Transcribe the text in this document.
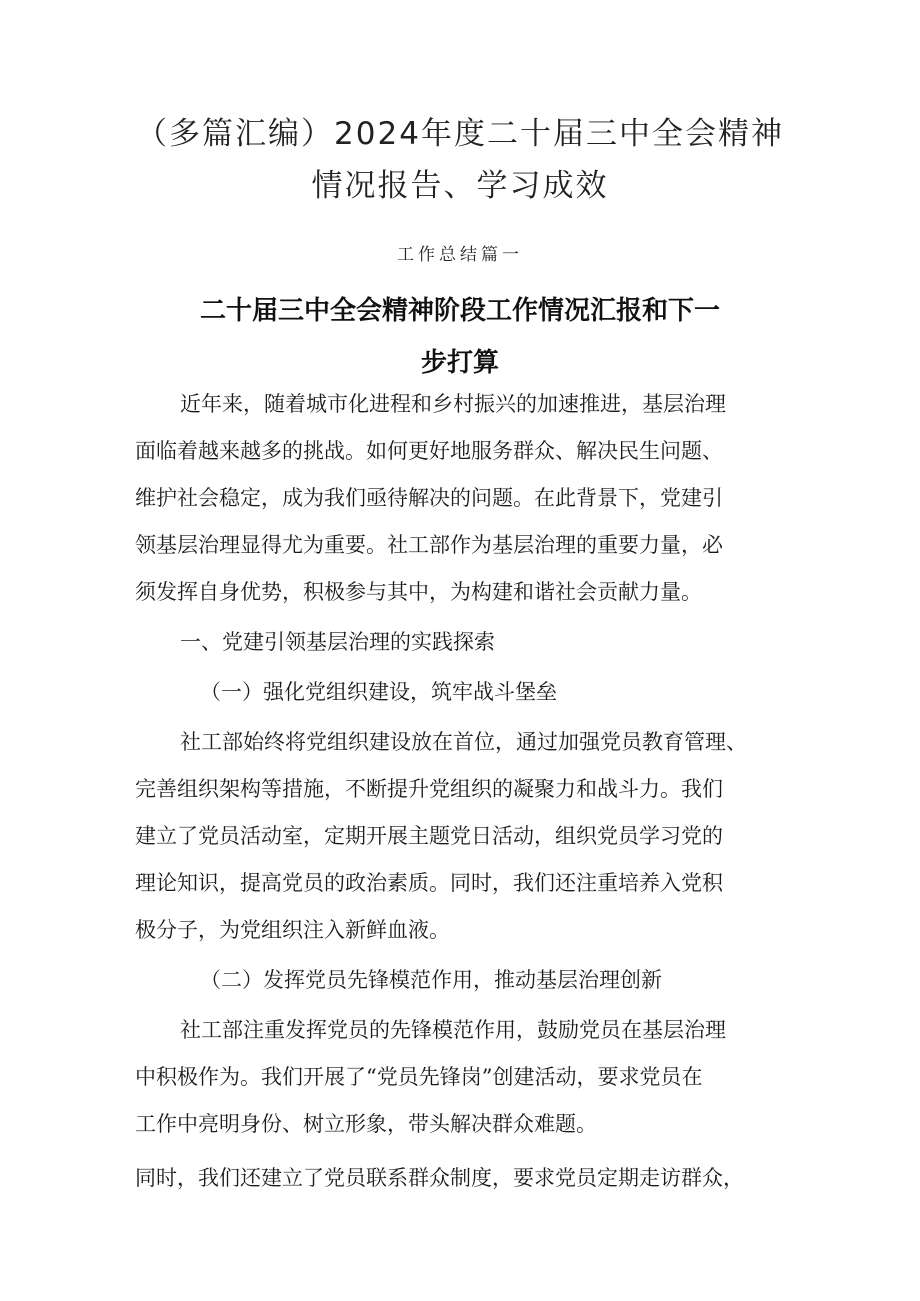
（多篇汇编）2024年度二十届三中全会精神
情况报告、学习成效
工作总结篇一
二十届三中全会精神阶段工作情况汇报和下一
步打算
近年来，随着城市化进程和乡村振兴的加速推进，基层治理
面临着越来越多的挑战。如何更好地服务群众、解决民生问题、
维护社会稳定，成为我们亟待解决的问题。在此背景下，党建引
领基层治理显得尤为重要。社工部作为基层治理的重要力量，必
须发挥自身优势，积极参与其中，为构建和谐社会贡献力量。
一、党建引领基层治理的实践探索
（一）强化党组织建设，筑牢战斗堡垒
社工部始终将党组织建设放在首位，通过加强党员教育管理、
完善组织架构等措施，不断提升党组织的凝聚力和战斗力。我们
建立了党员活动室，定期开展主题党日活动，组织党员学习党的
理论知识，提高党员的政治素质。同时，我们还注重培养入党积
极分子，为党组织注入新鲜血液。
（二）发挥党员先锋模范作用，推动基层治理创新
社工部注重发挥党员的先锋模范作用，鼓励党员在基层治理
中积极作为。我们开展了“党员先锋岗”创建活动，要求党员在
工作中亮明身份、树立形象，带头解决群众难题。
同时，我们还建立了党员联系群众制度，要求党员定期走访群众，
